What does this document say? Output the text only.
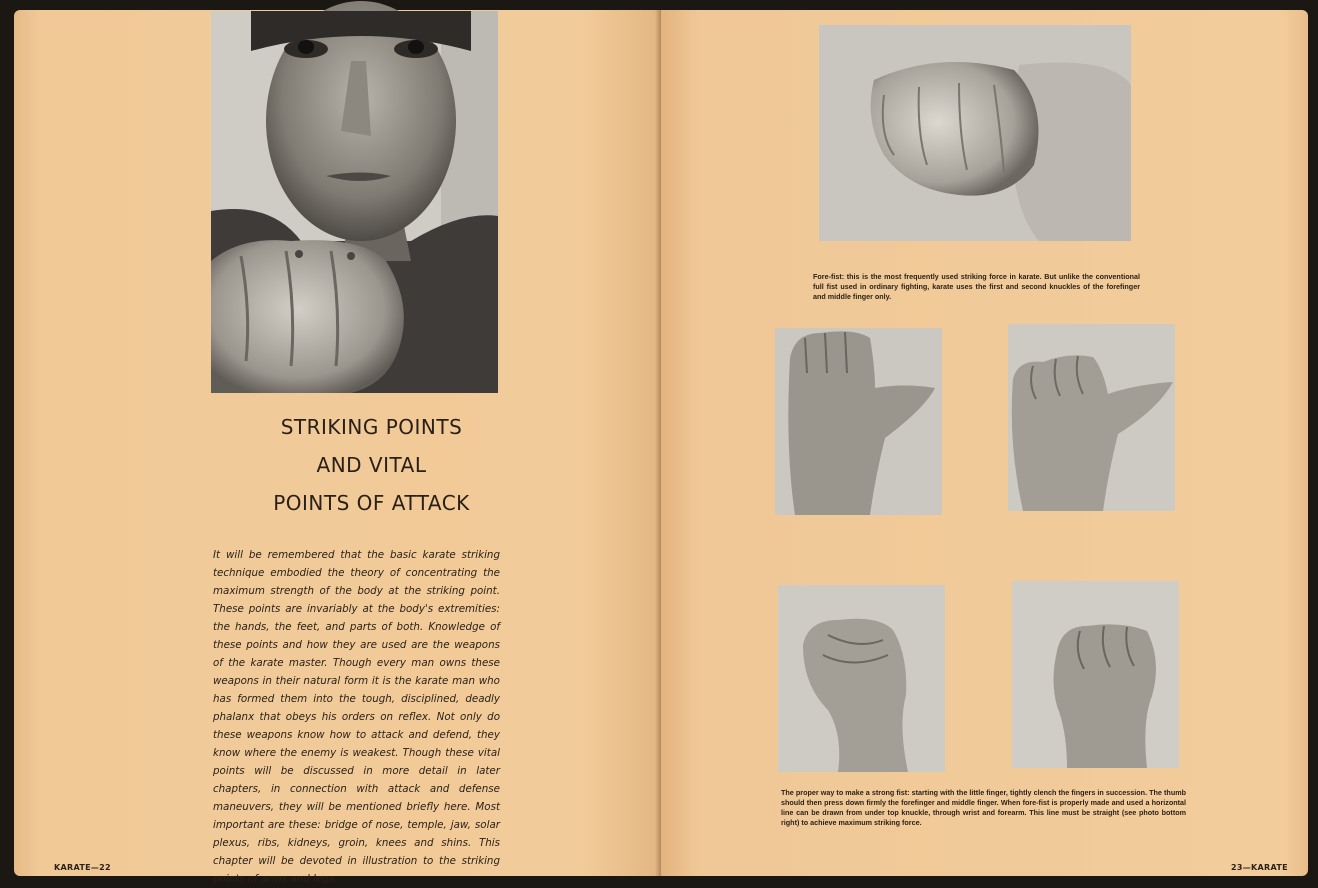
STRIKING POINTS
AND VITAL
POINTS OF ATTACK

It will be remembered that the basic karate striking technique embodied the theory of concentrating the maximum strength of the body at the striking point. These points are invariably at the body's extremities: the hands, the feet, and parts of both. Knowledge of these points and how they are used are the weapons of the karate master. Though every man owns these weapons in their natural form it is the karate man who has formed them into the tough, disciplined, deadly phalanx that obeys his orders on reflex. Not only do these weapons know how to attack and defend, they know where the enemy is weakest. Though these vital points will be discussed in more detail in later chapters, in connection with attack and defense maneuvers, they will be mentioned briefly here. Most important are these: bridge of nose, temple, jaw, solar plexus, ribs, kidneys, groin, knees and shins. This chapter will be devoted in illustration to the striking points of arms and legs.

KARATE—22

Fore-fist: this is the most frequently used striking force in karate. But unlike the conventional full fist used in ordinary fighting, karate uses the first and second knuckles of the forefinger and middle finger only.

The proper way to make a strong fist: starting with the little finger, tightly clench the fingers in succession. The thumb should then press down firmly the forefinger and middle finger. When fore-fist is properly made and used a horizontal line can be drawn from under top knuckle, through wrist and forearm. This line must be straight (see photo bottom right) to achieve maximum striking force.

23—KARATE
